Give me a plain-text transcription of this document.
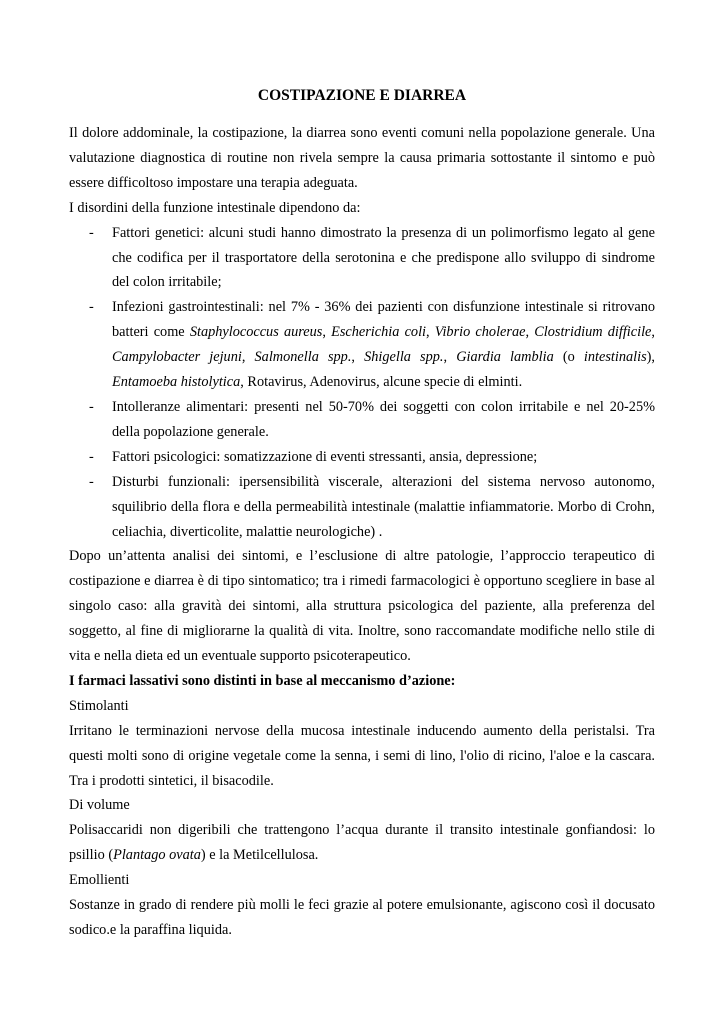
COSTIPAZIONE E DIARREA

Il dolore addominale, la costipazione, la diarrea sono eventi comuni nella popolazione generale. Una valutazione diagnostica di routine non rivela sempre la causa primaria sottostante il sintomo e può essere difficoltoso impostare una terapia adeguata.

I disordini della funzione intestinale dipendono da:

- Fattori genetici: alcuni studi hanno dimostrato la presenza di un polimorfismo legato al gene che codifica per il trasportatore della serotonina e che predispone allo sviluppo di sindrome del colon irritabile;
- Infezioni gastrointestinali: nel 7% - 36% dei pazienti con disfunzione intestinale si ritrovano batteri come Staphylococcus aureus, Escherichia coli, Vibrio cholerae, Clostridium difficile, Campylobacter jejuni, Salmonella spp., Shigella spp., Giardia lamblia (o intestinalis), Entamoeba histolytica, Rotavirus, Adenovirus, alcune specie di elminti.
- Intolleranze alimentari: presenti nel 50-70% dei soggetti con colon irritabile e nel 20-25% della popolazione generale.
- Fattori psicologici: somatizzazione di eventi stressanti, ansia, depressione;
- Disturbi funzionali: ipersensibilità viscerale, alterazioni del sistema nervoso autonomo, squilibrio della flora e della permeabilità intestinale (malattie infiammatorie. Morbo di Crohn, celiachia, diverticolite, malattie neurologiche) .

Dopo un’attenta analisi dei sintomi, e l’esclusione di altre patologie, l’approccio terapeutico di costipazione e diarrea è di tipo sintomatico; tra i rimedi farmacologici è opportuno scegliere in base al singolo caso: alla gravità dei sintomi, alla struttura psicologica del paziente, alla preferenza del soggetto, al fine di migliorarne la qualità di vita. Inoltre, sono raccomandate modifiche nello stile di vita e nella dieta ed un eventuale supporto psicoterapeutico.

I farmaci lassativi sono distinti in base al meccanismo d’azione:

Stimolanti

Irritano le terminazioni nervose della mucosa intestinale inducendo aumento della peristalsi. Tra questi molti sono di origine vegetale come la senna, i semi di lino, l'olio di ricino, l'aloe e la cascara. Tra i prodotti sintetici, il bisacodile.

Di volume

Polisaccaridi non digeribili che trattengono l’acqua durante il transito intestinale gonfiandosi: lo psillio (Plantago ovata) e la Metilcellulosa.

Emollienti

Sostanze in grado di rendere più molli le feci grazie al potere emulsionante, agiscono così il docusato sodico.e la paraffina liquida.
